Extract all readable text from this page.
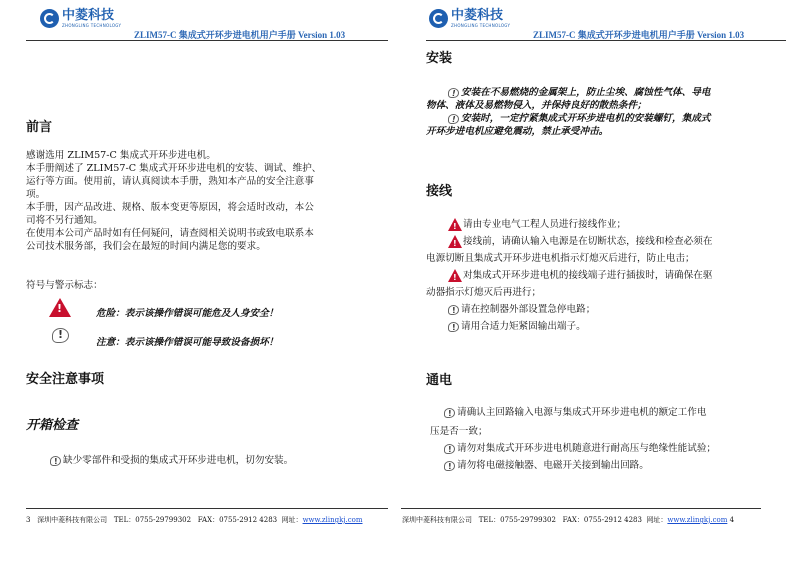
中菱科技
ZHONGLING TECHNOLOGY
ZLIM57-C 集成式开环步进电机用户手册 Version 1.03
前言
感谢选用 ZLIM57-C 集成式开环步进电机。
本手册阐述了 ZLIM57-C 集成式开环步进电机的安装、调试、维护、
运行等方面。使用前，请认真阅读本手册，熟知本产品的安全注意事
项。
本手册，因产品改进、规格、版本变更等原因，将会适时改动，本公
司将不另行通知。
在使用本公司产品时如有任何疑问，请查阅相关说明书或致电联系本
公司技术服务部，我们会在最短的时间内满足您的要求。
符号与警示标志：
!
危险：表示该操作错误可能危及人身安全！
!
注意：表示该操作错误可能导致设备损坏！
安全注意事项
开箱检查
!缺少零部件和受损的集成式开环步进电机，切勿安装。
3 深圳中菱科技有限公司 TEL：0755-29799302 FAX：0755-2912 4283 网址：www.zlingkj.com
中菱科技
ZHONGLING TECHNOLOGY
ZLIM57-C 集成式开环步进电机用户手册 Version 1.03
安装
!安装在不易燃烧的金属架上，防止尘埃、腐蚀性气体、导电
物体、液体及易燃物侵入，并保持良好的散热条件；
!安装时，一定拧紧集成式开环步进电机的安装螺钉，集成式
开环步进电机应避免震动，禁止承受冲击。
接线
!请由专业电气工程人员进行接线作业；
!接线前，请确认输入电源是在切断状态，接线和检查必须在
电源切断且集成式开环步进电机指示灯熄灭后进行，防止电击；
!对集成式开环步进电机的接线端子进行插拔时，请确保在驱
动器指示灯熄灭后再进行；
!请在控制器外部设置急停电路；
!请用合适力矩紧固输出端子。
通电
!请确认主回路输入电源与集成式开环步进电机的额定工作电
压是否一致；
!请勿对集成式开环步进电机随意进行耐高压与绝缘性能试验；
!请勿将电磁接触器、电磁开关接到输出回路。
深圳中菱科技有限公司 TEL：0755-29799302 FAX：0755-2912 4283 网址：www.zlingkj.com 4
